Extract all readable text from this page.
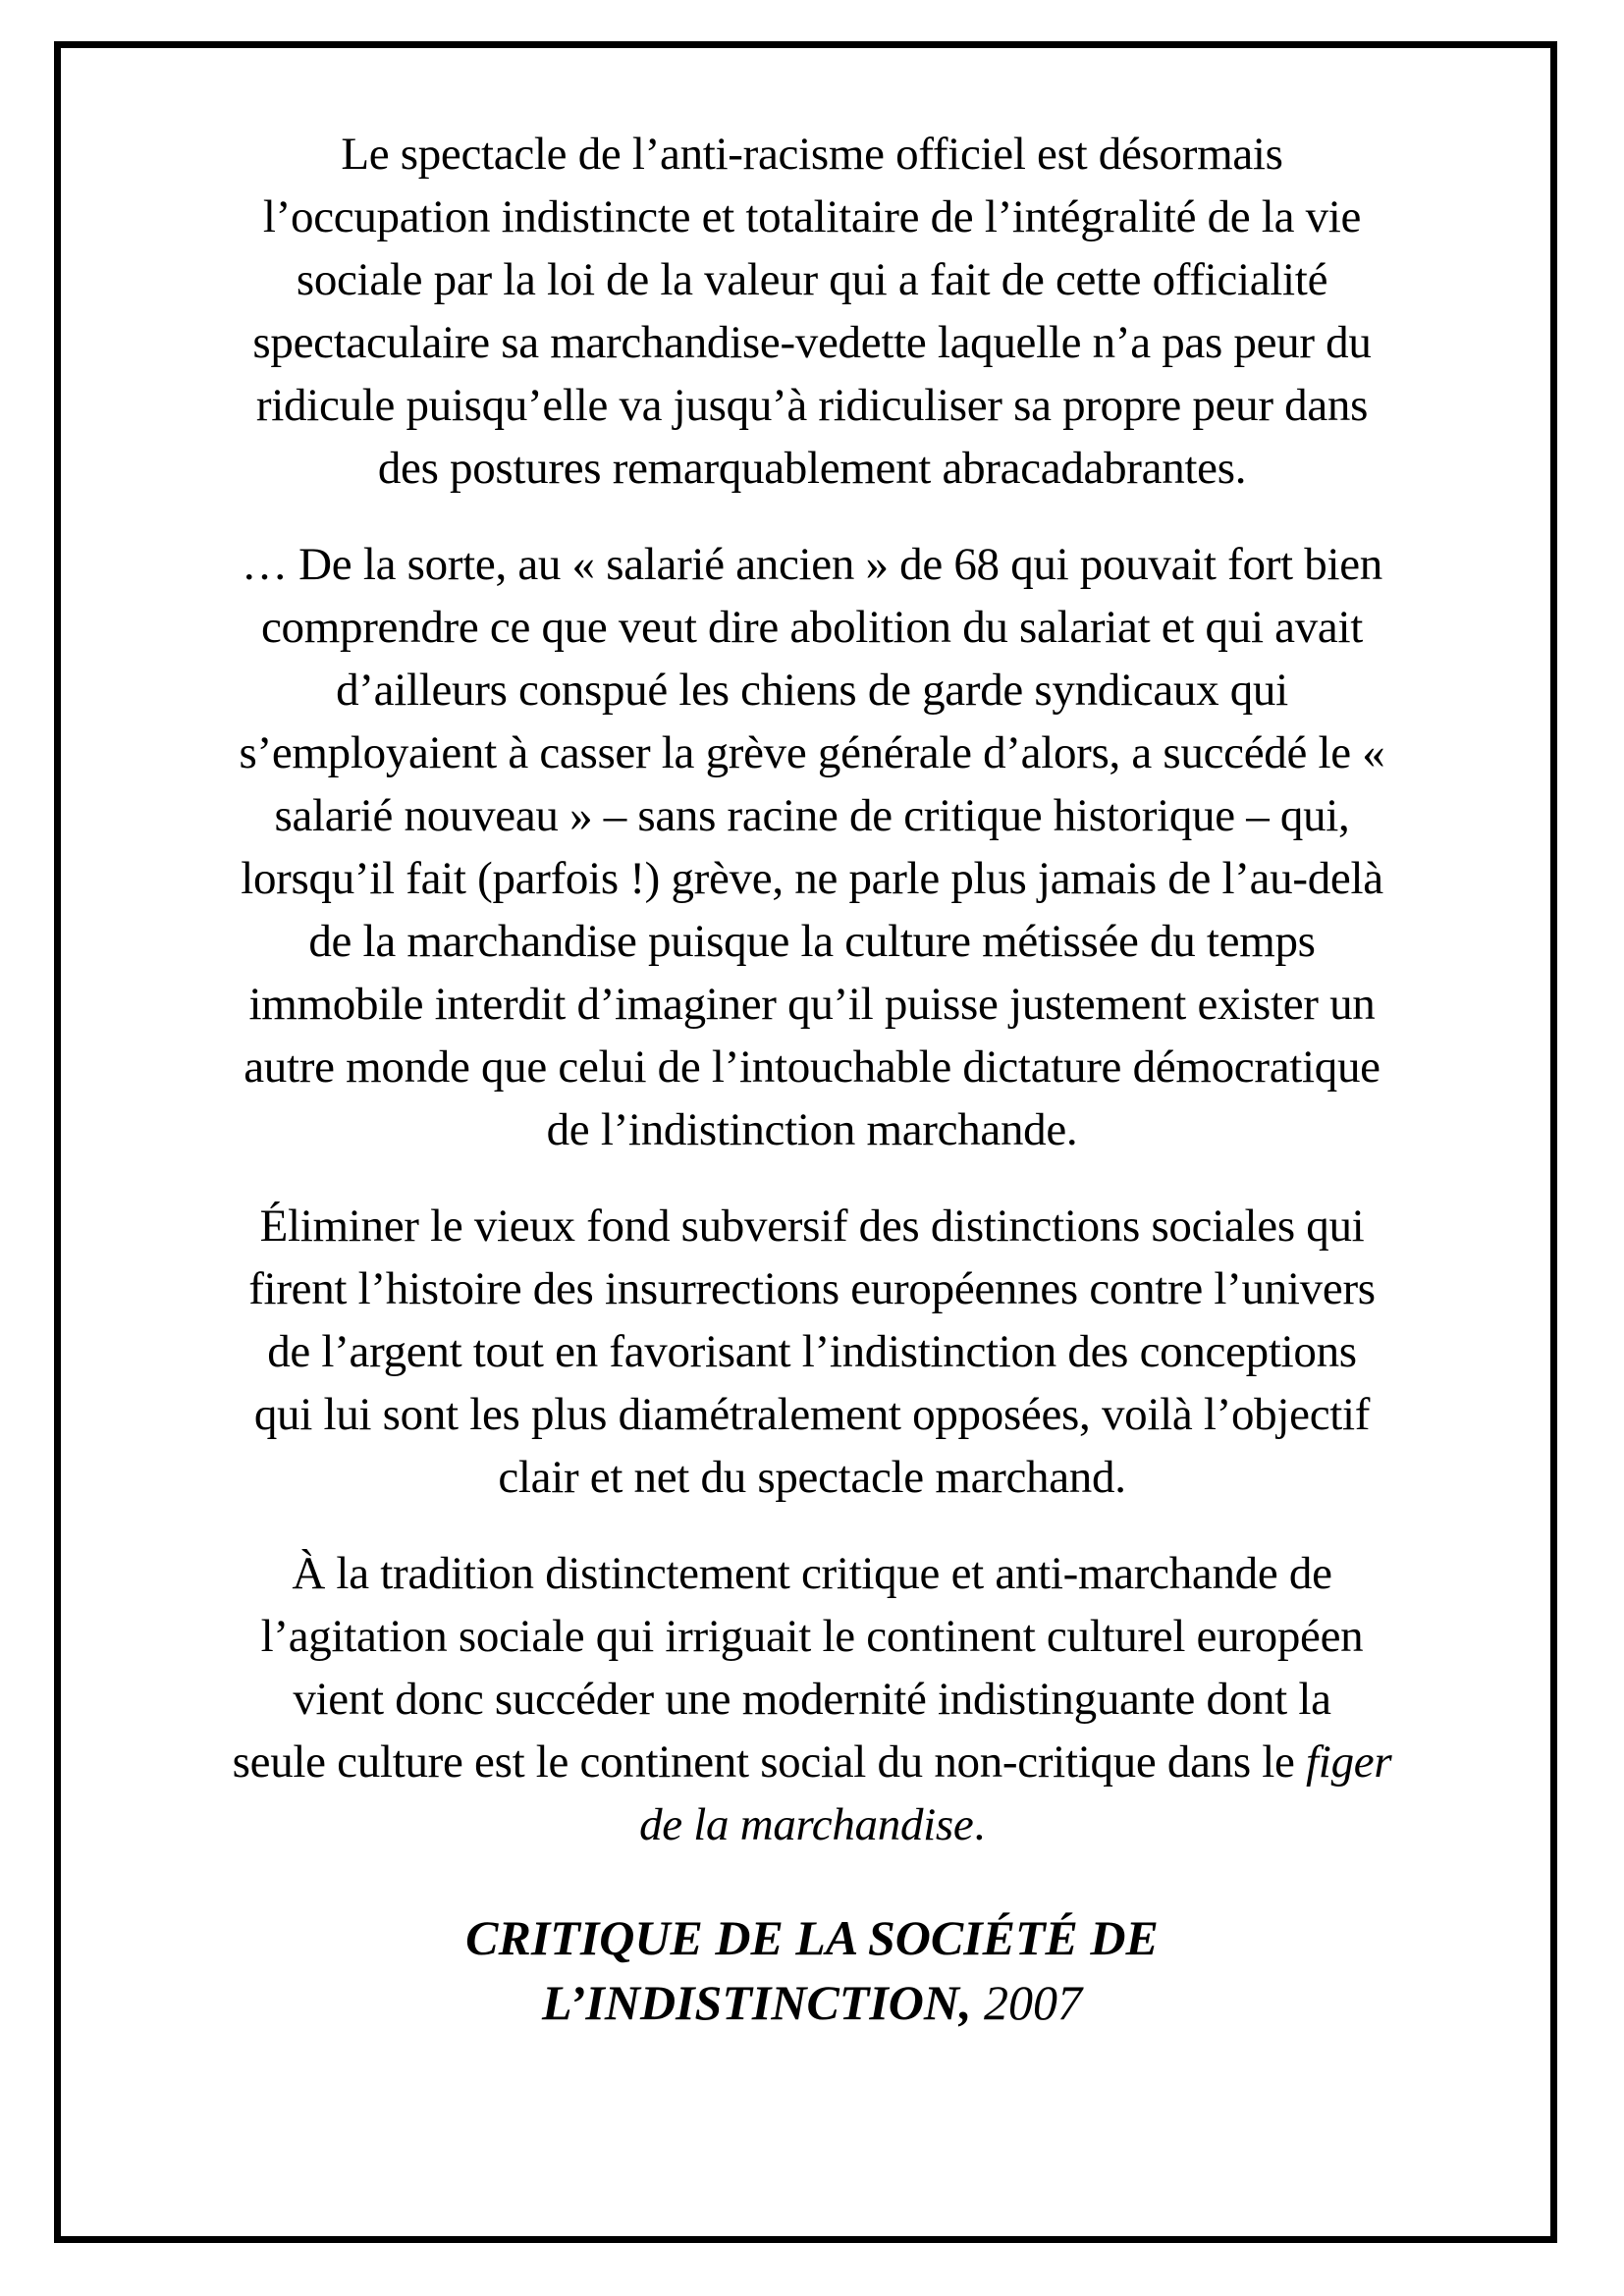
Le spectacle de l’anti-racisme officiel est désormais
l’occupation indistincte et totalitaire de l’intégralité de la vie
sociale par la loi de la valeur qui a fait de cette officialité
spectaculaire sa marchandise-vedette laquelle n’a pas peur du
ridicule puisqu’elle va jusqu’à ridiculiser sa propre peur dans
des postures remarquablement abracadabrantes.
… De la sorte, au « salarié ancien » de 68 qui pouvait fort bien
comprendre ce que veut dire abolition du salariat et qui avait
d’ailleurs conspué les chiens de garde syndicaux qui
s’employaient à casser la grève générale d’alors, a succédé le «
salarié nouveau » – sans racine de critique historique – qui,
lorsqu’il fait (parfois !) grève, ne parle plus jamais de l’au-delà
de la marchandise puisque la culture métissée du temps
immobile interdit d’imaginer qu’il puisse justement exister un
autre monde que celui de l’intouchable dictature démocratique
de l’indistinction marchande.
Éliminer le vieux fond subversif des distinctions sociales qui
firent l’histoire des insurrections européennes contre l’univers
de l’argent tout en favorisant l’indistinction des conceptions
qui lui sont les plus diamétralement opposées, voilà l’objectif
clair et net du spectacle marchand.
À la tradition distinctement critique et anti-marchande de
l’agitation sociale qui irriguait le continent culturel européen
vient donc succéder une modernité indistinguante dont la
seule culture est le continent social du non-critique dans le figer
de la marchandise.
CRITIQUE DE LA SOCIÉTÉ DE
L’INDISTINCTION, 2007
